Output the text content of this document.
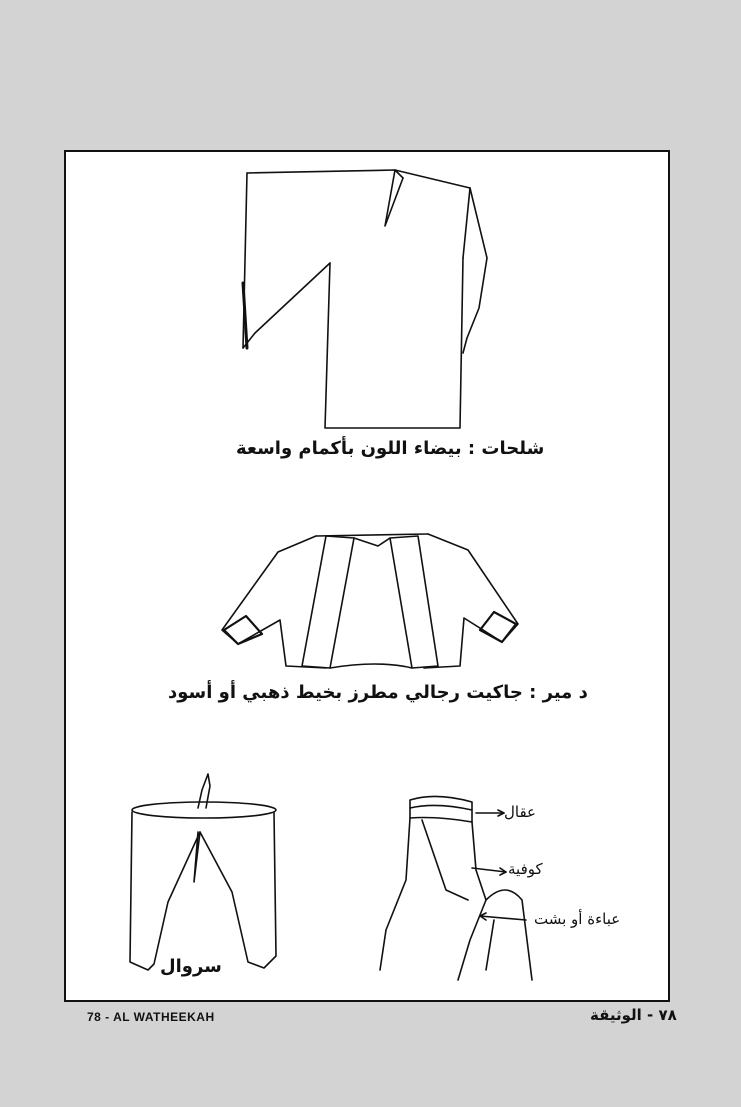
شلحات : بيضاء اللون بأكمام واسعة
د مير : جاكيت رجالي مطرز بخيط ذهبي أو أسود
سروال
عقال
كوفية
عباءة أو بشت
78 - AL WATHEEKAH	٧٨ - الوثيقة
